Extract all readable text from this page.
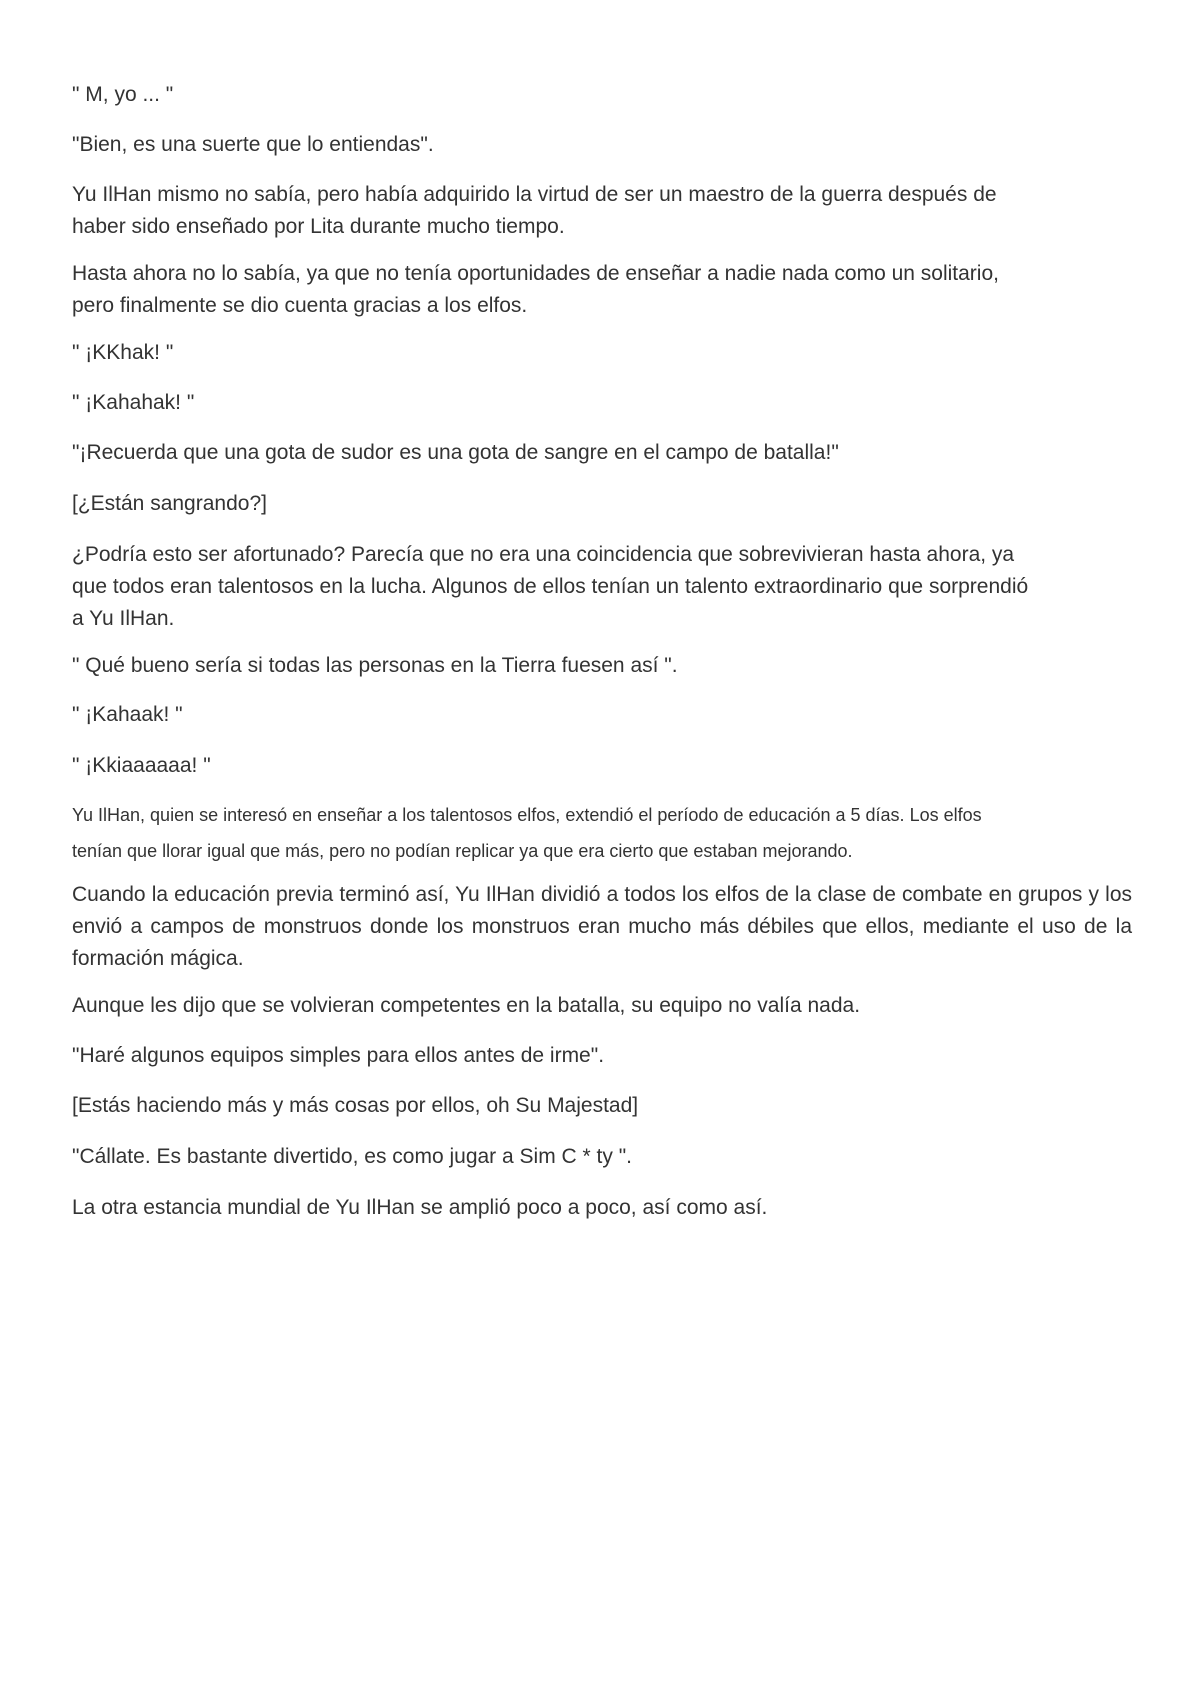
" M, yo ... "

"Bien, es una suerte que lo entiendas".

Yu IlHan mismo no sabía, pero había adquirido la virtud de ser un maestro de la guerra después de
haber sido enseñado por Lita durante mucho tiempo.

Hasta ahora no lo sabía, ya que no tenía oportunidades de enseñar a nadie nada como un solitario,
pero finalmente se dio cuenta gracias a los elfos.

" ¡KKhak! "

" ¡Kahahak! "

"¡Recuerda que una gota de sudor es una gota de sangre en el campo de batalla!"

[¿Están sangrando?]

¿Podría esto ser afortunado? Parecía que no era una coincidencia que sobrevivieran hasta ahora, ya
que todos eran talentosos en la lucha. Algunos de ellos tenían un talento extraordinario que sorprendió
a Yu IlHan.

" Qué bueno sería si todas las personas en la Tierra fuesen así ".

" ¡Kahaak! "

" ¡Kkiaaaaaa! "

Yu IlHan, quien se interesó en enseñar a los talentosos elfos, extendió el período de educación a 5 días. Los elfos
tenían que llorar igual que más, pero no podían replicar ya que era cierto que estaban mejorando.

Cuando la educación previa terminó así, Yu IlHan dividió a todos los elfos de la clase de combate en grupos y los envió a campos de monstruos donde los monstruos eran mucho más débiles que ellos, mediante el uso de la formación mágica.

Aunque les dijo que se volvieran competentes en la batalla, su equipo no valía nada.

"Haré algunos equipos simples para ellos antes de irme".

[Estás haciendo más y más cosas por ellos, oh Su Majestad]

"Cállate. Es bastante divertido, es como jugar a Sim C * ty ".

La otra estancia mundial de Yu IlHan se amplió poco a poco, así como así.
